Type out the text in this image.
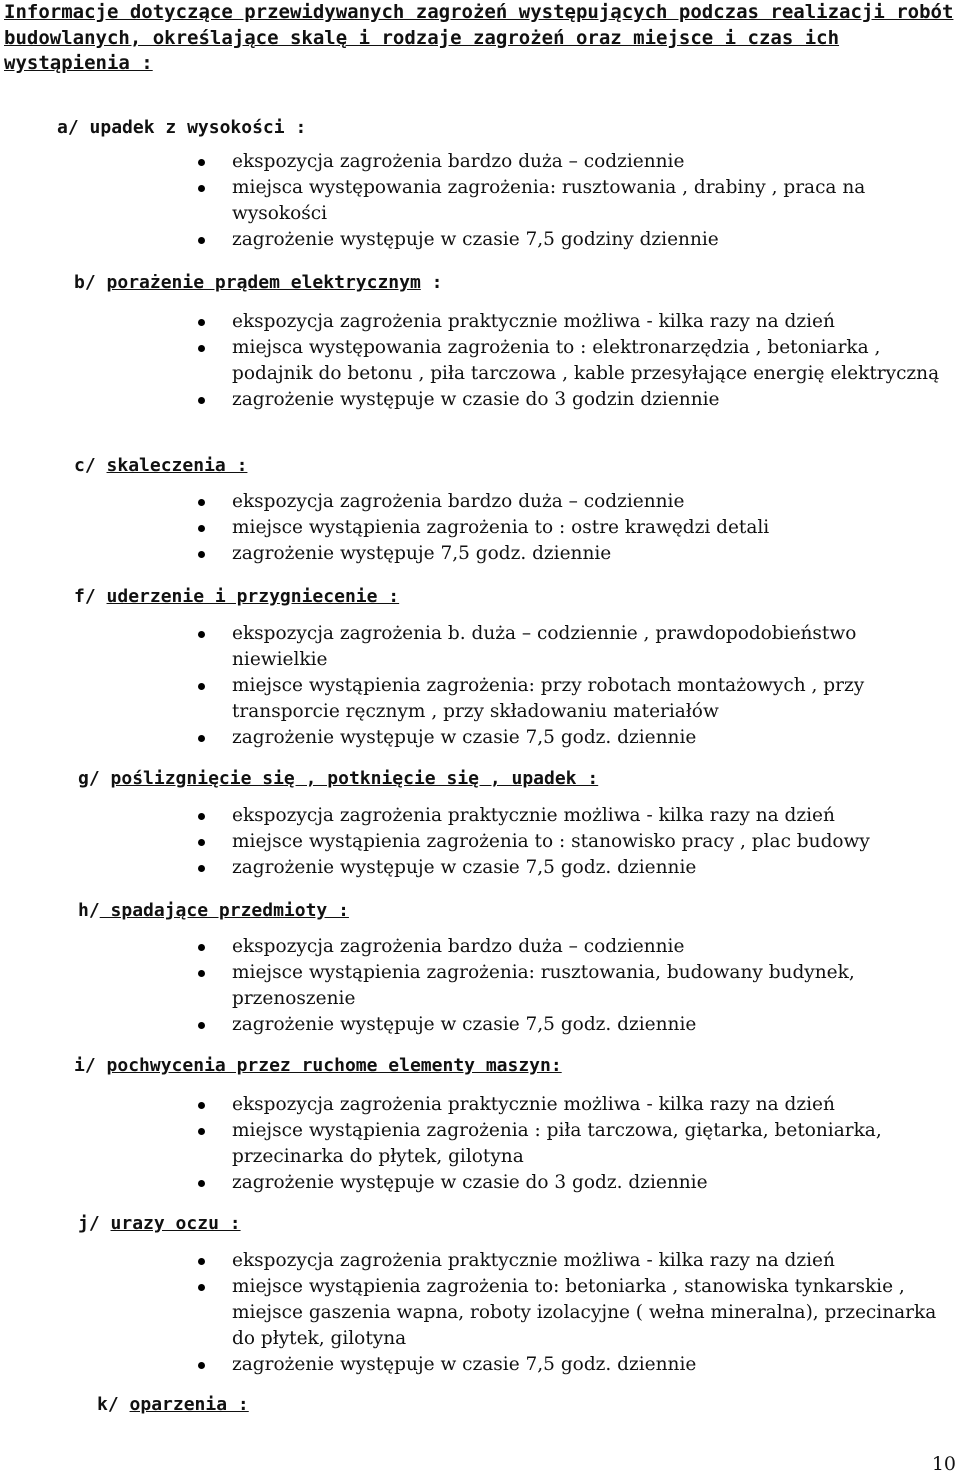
Informacje dotyczące przewidywanych zagrożeń występujących podczas realizacji robót budowlanych, określające skalę i rodzaje zagrożeń oraz miejsce i czas ich wystąpienia :
a/ upadek z wysokości :
ekspozycja zagrożenia bardzo duża – codziennie
miejsca występowania zagrożenia: rusztowania , drabiny , praca na wysokości
zagrożenie występuje w czasie 7,5 godziny dziennie
b/ porażenie prądem elektrycznym :
ekspozycja zagrożenia praktycznie możliwa - kilka razy na dzień
miejsca występowania zagrożenia to : elektronarzędzia , betoniarka , podajnik do betonu , piła tarczowa , kable przesyłające energię elektryczną
zagrożenie występuje w czasie do 3 godzin dziennie
c/ skaleczenia :
ekspozycja zagrożenia bardzo duża – codziennie
miejsce wystąpienia zagrożenia to : ostre krawędzi detali
zagrożenie występuje 7,5 godz. dziennie
f/ uderzenie i przygniecenie :
ekspozycja zagrożenia b. duża – codziennie , prawdopodobieństwo niewielkie
miejsce wystąpienia zagrożenia: przy robotach montażowych , przy transporcie ręcznym , przy składowaniu materiałów
zagrożenie występuje w czasie 7,5 godz. dziennie
g/ poślizgnięcie się , potknięcie się , upadek :
ekspozycja zagrożenia praktycznie możliwa - kilka razy na dzień
miejsce wystąpienia zagrożenia to : stanowisko pracy , plac budowy
zagrożenie występuje w czasie 7,5 godz. dziennie
h/ spadające przedmioty :
ekspozycja zagrożenia bardzo duża – codziennie
miejsce wystąpienia zagrożenia: rusztowania, budowany budynek, przenoszenie
zagrożenie występuje w czasie 7,5 godz. dziennie
i/ pochwycenia przez ruchome elementy maszyn:
ekspozycja zagrożenia praktycznie możliwa - kilka razy na dzień
miejsce wystąpienia zagrożenia : piła tarczowa, giętarka, betoniarka, przecinarka do płytek, gilotyna
zagrożenie występuje w czasie do 3 godz. dziennie
j/ urazy oczu :
ekspozycja zagrożenia praktycznie możliwa - kilka razy na dzień
miejsce wystąpienia zagrożenia to: betoniarka , stanowiska tynkarskie , miejsce gaszenia wapna, roboty izolacyjne ( wełna mineralna), przecinarka do płytek, gilotyna
zagrożenie występuje w czasie 7,5 godz. dziennie
k/ oparzenia :
10
